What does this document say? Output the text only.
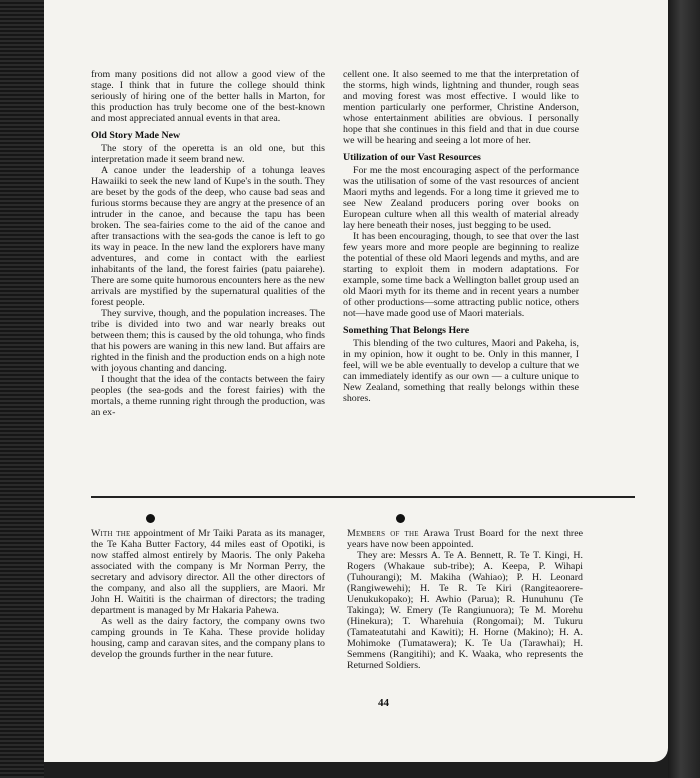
from many positions did not allow a good view of the stage. I think that in future the college should think seriously of hiring one of the better halls in Marton, for this production has truly become one of the best-known and most appreciated annual events in that area.

Old Story Made New

The story of the operetta is an old one, but this interpretation made it seem brand new.

A canoe under the leadership of a tohunga leaves Hawaiiki to seek the new land of Kupe's in the south. They are beset by the gods of the deep, who cause bad seas and furious storms because they are angry at the presence of an intruder in the canoe, and because the tapu has been broken. The sea-fairies come to the aid of the canoe and after transactions with the sea-gods the canoe is left to go its way in peace. In the new land the explorers have many adventures, and come in contact with the earliest inhabitants of the land, the forest fairies (patu paiarehe). There are some quite humorous encounters here as the new arrivals are mystified by the supernatural qualities of the forest people.

They survive, though, and the population increases. The tribe is divided into two and war nearly breaks out between them; this is caused by the old tohunga, who finds that his powers are waning in this new land. But affairs are righted in the finish and the production ends on a high note with joyous chanting and dancing.

I thought that the idea of the contacts between the fairy peoples (the sea-gods and the forest fairies) with the mortals, a theme running right through the production, was an ex-

cellent one. It also seemed to me that the interpretation of the storms, high winds, lightning and thunder, rough seas and moving forest was most effective. I would like to mention particularly one performer, Christine Anderson, whose entertainment abilities are obvious. I personally hope that she continues in this field and that in due course we will be hearing and seeing a lot more of her.

Utilization of our Vast Resources

For me the most encouraging aspect of the performance was the utilisation of some of the vast resources of ancient Maori myths and legends. For a long time it grieved me to see New Zealand producers poring over books on European culture when all this wealth of material already lay here beneath their noses, just begging to be used.

It has been encouraging, though, to see that over the last few years more and more people are beginning to realize the potential of these old Maori legends and myths, and are starting to exploit them in modern adaptations. For example, some time back a Wellington ballet group used an old Maori myth for its theme and in recent years a number of other productions—some attracting public notice, others not—have made good use of Maori materials.

Something That Belongs Here

This blending of the two cultures, Maori and Pakeha, is, in my opinion, how it ought to be. Only in this manner, I feel, will we be able eventually to develop a culture that we can immediately identify as our own — a culture unique to New Zealand, something that really belongs within these shores.

With the appointment of Mr Taiki Parata as its manager, the Te Kaha Butter Factory, 44 miles east of Opotiki, is now staffed almost entirely by Maoris. The only Pakeha associated with the company is Mr Norman Perry, the secretary and advisory director. All the other directors of the company, and also all the suppliers, are Maori. Mr John H. Waititi is the chairman of directors; the trading department is managed by Mr Hakaria Pahewa.

As well as the dairy factory, the company owns two camping grounds in Te Kaha. These provide holiday housing, camp and caravan sites, and the company plans to develop the grounds further in the near future.

Members of the Arawa Trust Board for the next three years have now been appointed.

They are: Messrs A. Te A. Bennett, R. Te T. Kingi, H. Rogers (Whakaue sub-tribe); A. Keepa, P. Wihapi (Tuhourangi); M. Makiha (Wahiao); P. H. Leonard (Rangiwewehi); H. Te R. Te Kiri (Rangiteaorere-Uenukukopako); H. Awhio (Parua); R. Hunuhunu (Te Takinga); W. Emery (Te Rangiunuora); Te M. Morehu (Hinekura); T. Wharehuia (Rongomai); M. Tukuru (Tamateatutahi and Kawiti); H. Horne (Makino); H. A. Mohimoke (Tumatawera); K. Te Ua (Tarawhai); H. Semmens (Rangitihi); and K. Waaka, who represents the Returned Soldiers.

44
